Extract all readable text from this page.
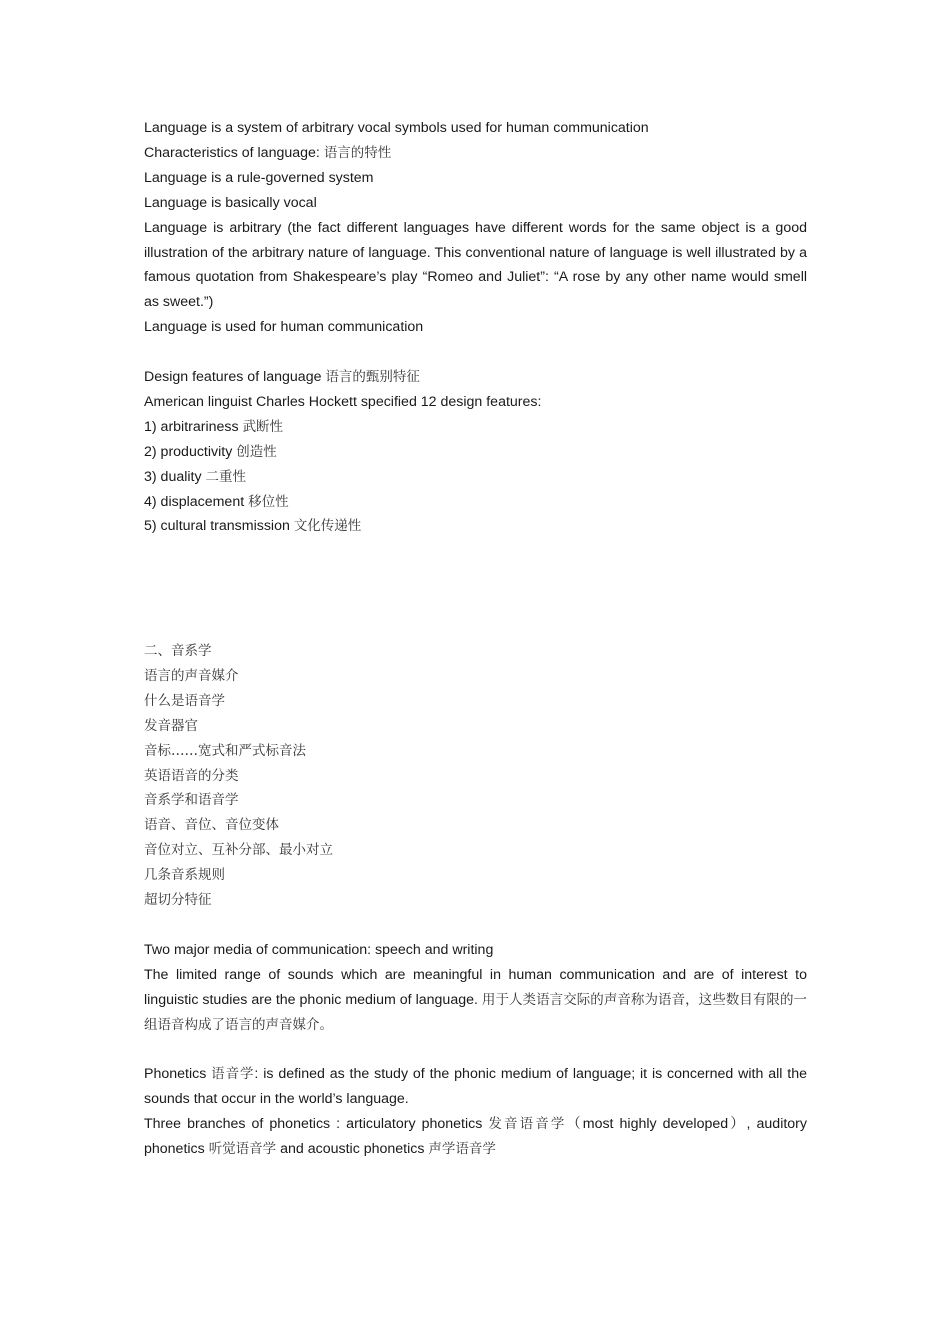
Language is a system of arbitrary vocal symbols used for human communication
Characteristics of language: 语言的特性
Language is a rule-governed system
Language is basically vocal
Language is arbitrary (the fact different languages have different words for the same object is a good illustration of the arbitrary nature of language. This conventional nature of language is well illustrated by a famous quotation from Shakespeare’s play “Romeo and Juliet”: “A rose by any other name would smell as sweet.”)
Language is used for human communication
Design features of language 语言的甄别特征
American linguist Charles Hockett specified 12 design features:
1) arbitrariness 武断性
2) productivity 创造性
3) duality 二重性
4) displacement 移位性
5) cultural transmission 文化传递性
二、音系学
语言的声音媒介
什么是语音学
发音器官
音标……宽式和严式标音法
英语语音的分类
音系学和语音学
语音、音位、音位变体
音位对立、互补分部、最小对立
几条音系规则
超切分特征
Two major media of communication: speech and writing
The limited range of sounds which are meaningful in human communication and are of interest to linguistic studies are the phonic medium of language. 用于人类语言交际的声音称为语音，这些数目有限的一组语音构成了语言的声音媒介。
Phonetics 语音学: is defined as the study of the phonic medium of language; it is concerned with all the sounds that occur in the world’s language.
Three branches of phonetics : articulatory phonetics 发音语音学（most highly developed）, auditory phonetics 听觉语音学 and acoustic phonetics 声学语音学
